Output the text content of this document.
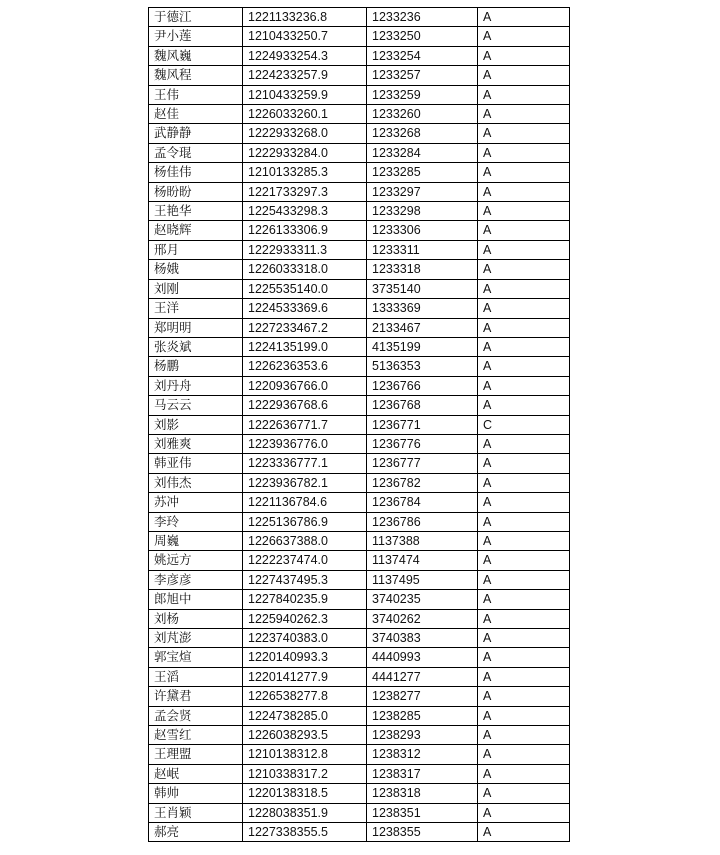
于德江	1221133236.8	1233236	A
尹小莲	1210433250.7	1233250	A
魏风巍	1224933254.3	1233254	A
魏风程	1224233257.9	1233257	A
王伟	1210433259.9	1233259	A
赵佳	1226033260.1	1233260	A
武静静	1222933268.0	1233268	A
孟令琨	1222933284.0	1233284	A
杨佳伟	1210133285.3	1233285	A
杨盼盼	1221733297.3	1233297	A
王艳华	1225433298.3	1233298	A
赵晓辉	1226133306.9	1233306	A
邢月	1222933311.3	1233311	A
杨娥	1226033318.0	1233318	A
刘刚	1225535140.0	3735140	A
王洋	1224533369.6	1333369	A
郑明明	1227233467.2	2133467	A
张炎斌	1224135199.0	4135199	A
杨鹏	1226236353.6	5136353	A
刘丹舟	1220936766.0	1236766	A
马云云	1222936768.6	1236768	A
刘影	1222636771.7	1236771	C
刘雅爽	1223936776.0	1236776	A
韩亚伟	1223336777.1	1236777	A
刘伟杰	1223936782.1	1236782	A
苏冲	1221136784.6	1236784	A
李玲	1225136786.9	1236786	A
周巍	1226637388.0	1137388	A
姚远方	1222237474.0	1137474	A
李彦彦	1227437495.3	1137495	A
郎旭中	1227840235.9	3740235	A
刘杨	1225940262.3	3740262	A
刘芃澎	1223740383.0	3740383	A
郭宝煊	1220140993.3	4440993	A
王滔	1220141277.9	4441277	A
许黛君	1226538277.8	1238277	A
孟会贤	1224738285.0	1238285	A
赵雪红	1226038293.5	1238293	A
王理盟	1210138312.8	1238312	A
赵岷	1210338317.2	1238317	A
韩帅	1220138318.5	1238318	A
王肖颖	1228038351.9	1238351	A
郝亮	1227338355.5	1238355	A
